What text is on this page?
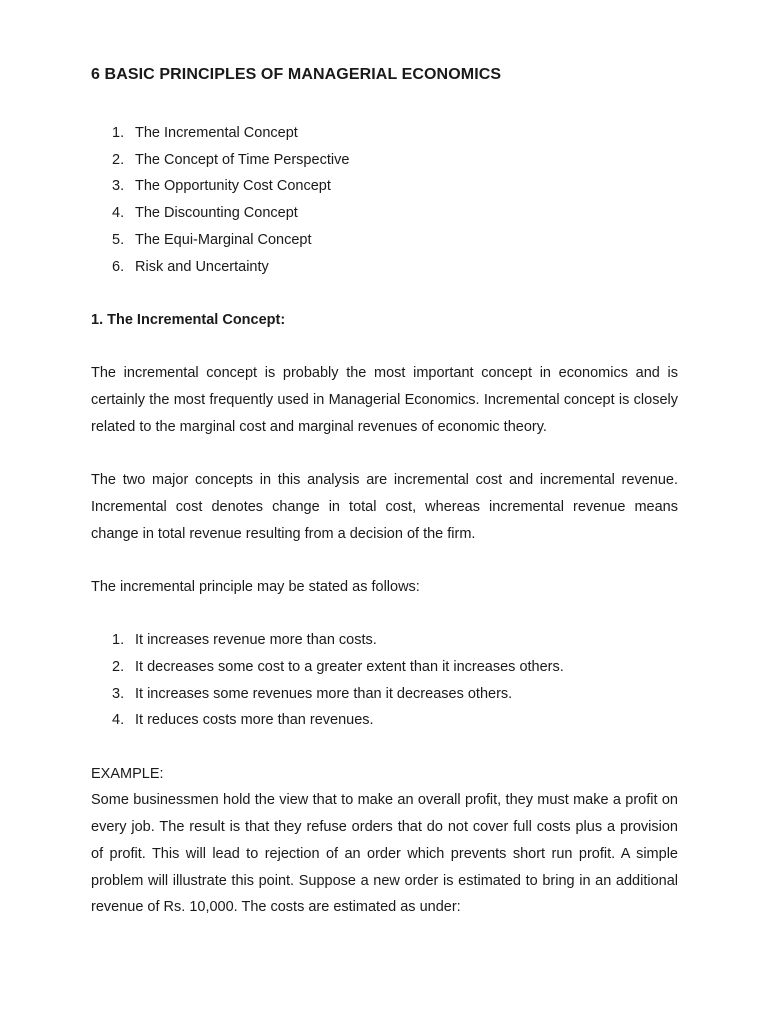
6 BASIC PRINCIPLES OF MANAGERIAL ECONOMICS
1. The Incremental Concept
2. The Concept of Time Perspective
3. The Opportunity Cost Concept
4. The Discounting Concept
5. The Equi-Marginal Concept
6. Risk and Uncertainty
1. The Incremental Concept:

The incremental concept is probably the most important concept in economics and is certainly the most frequently used in Managerial Economics. Incremental concept is closely related to the marginal cost and marginal revenues of economic theory.

The two major concepts in this analysis are incremental cost and incremental revenue. Incremental cost denotes change in total cost, whereas incremental revenue means change in total revenue resulting from a decision of the firm.

The incremental principle may be stated as follows:

1. It increases revenue more than costs.
2. It decreases some cost to a greater extent than it increases others.
3. It increases some revenues more than it decreases others.
4. It reduces costs more than revenues.
EXAMPLE:

Some businessmen hold the view that to make an overall profit, they must make a profit on every job. The result is that they refuse orders that do not cover full costs plus a provision of profit. This will lead to rejection of an order which prevents short run profit. A simple problem will illustrate this point. Suppose a new order is estimated to bring in an additional revenue of Rs. 10,000. The costs are estimated as under:
